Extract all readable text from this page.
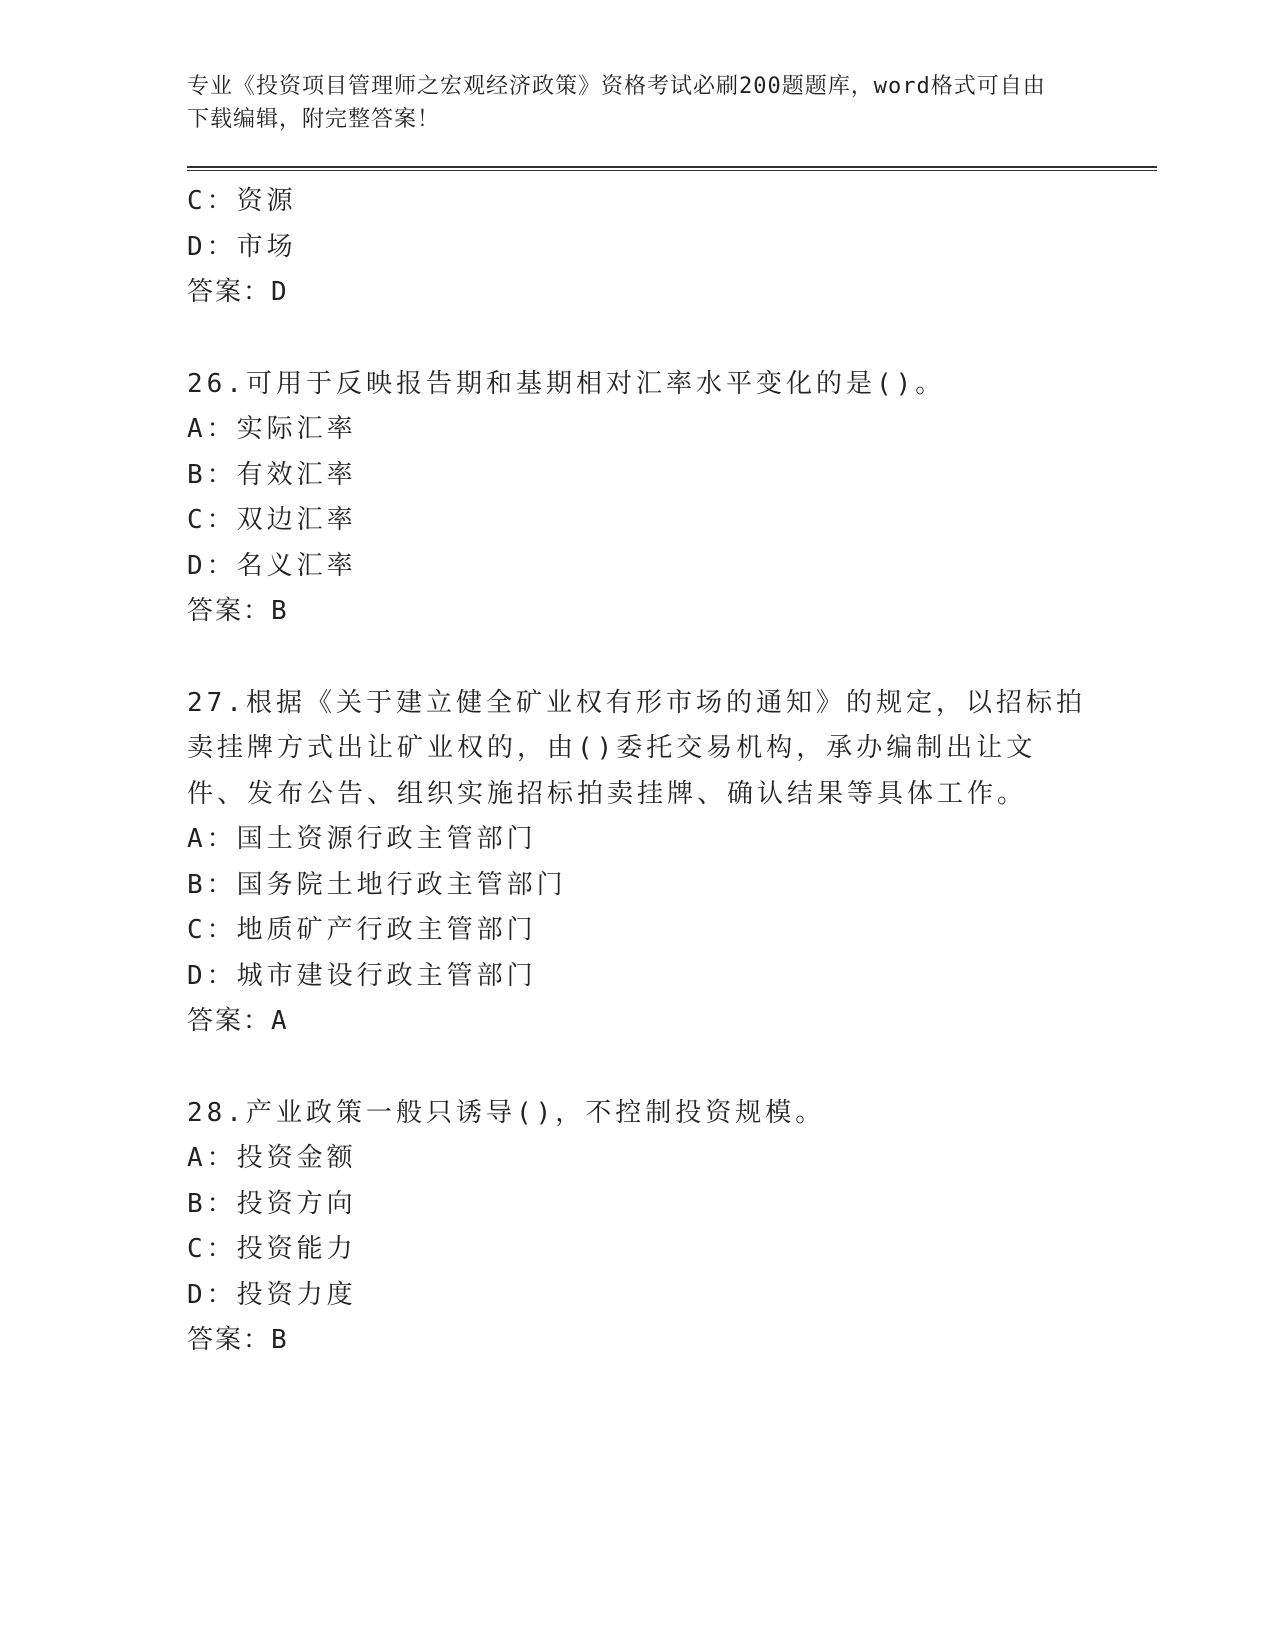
专业《投资项目管理师之宏观经济政策》资格考试必刷200题题库，word格式可自由下载编辑，附完整答案！

C：资源

D：市场

答案：D

26.可用于反映报告期和基期相对汇率水平变化的是()。

A：实际汇率

B：有效汇率

C：双边汇率

D：名义汇率

答案：B

27.根据《关于建立健全矿业权有形市场的通知》的规定，以招标拍卖挂牌方式出让矿业权的，由()委托交易机构，承办编制出让文件、发布公告、组织实施招标拍卖挂牌、确认结果等具体工作。

A：国土资源行政主管部门

B：国务院土地行政主管部门

C：地质矿产行政主管部门

D：城市建设行政主管部门

答案：A

28.产业政策一般只诱导()，不控制投资规模。

A：投资金额

B：投资方向

C：投资能力

D：投资力度

答案：B
